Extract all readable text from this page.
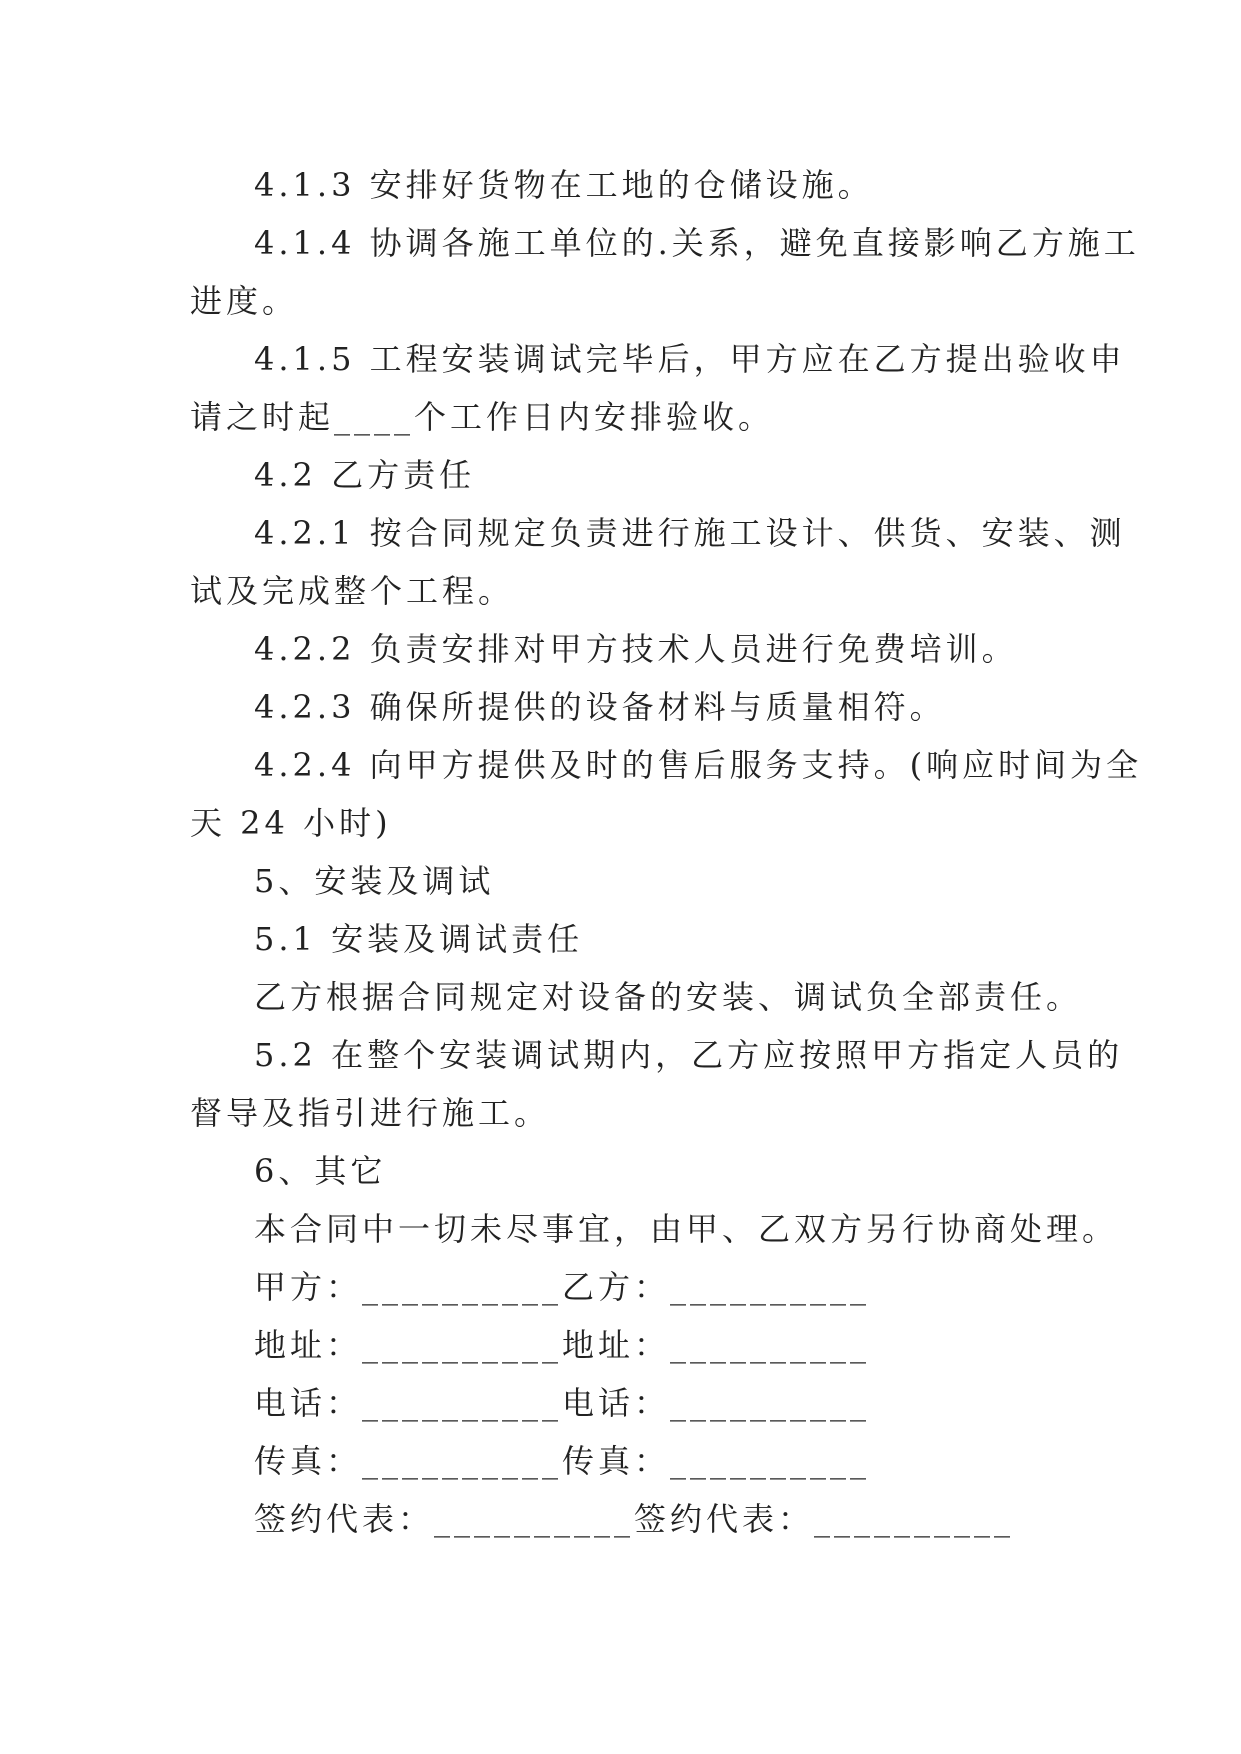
4.1.3 安排好货物在工地的仓储设施。
4.1.4 协调各施工单位的.关系，避免直接影响乙方施工
进度。
4.1.5 工程安装调试完毕后，甲方应在乙方提出验收申
请之时起____个工作日内安排验收。
4.2 乙方责任
4.2.1 按合同规定负责进行施工设计、供货、安装、测
试及完成整个工程。
4.2.2 负责安排对甲方技术人员进行免费培训。
4.2.3 确保所提供的设备材料与质量相符。
4.2.4 向甲方提供及时的售后服务支持。(响应时间为全
天 24 小时)
5、安装及调试
5.1 安装及调试责任
乙方根据合同规定对设备的安装、调试负全部责任。
5.2 在整个安装调试期内，乙方应按照甲方指定人员的
督导及指引进行施工。
6、其它
本合同中一切未尽事宜，由甲、乙双方另行协商处理。
甲方：__________乙方：__________
地址：__________地址：__________
电话：__________电话：__________
传真：__________传真：__________
签约代表：__________签约代表：__________
